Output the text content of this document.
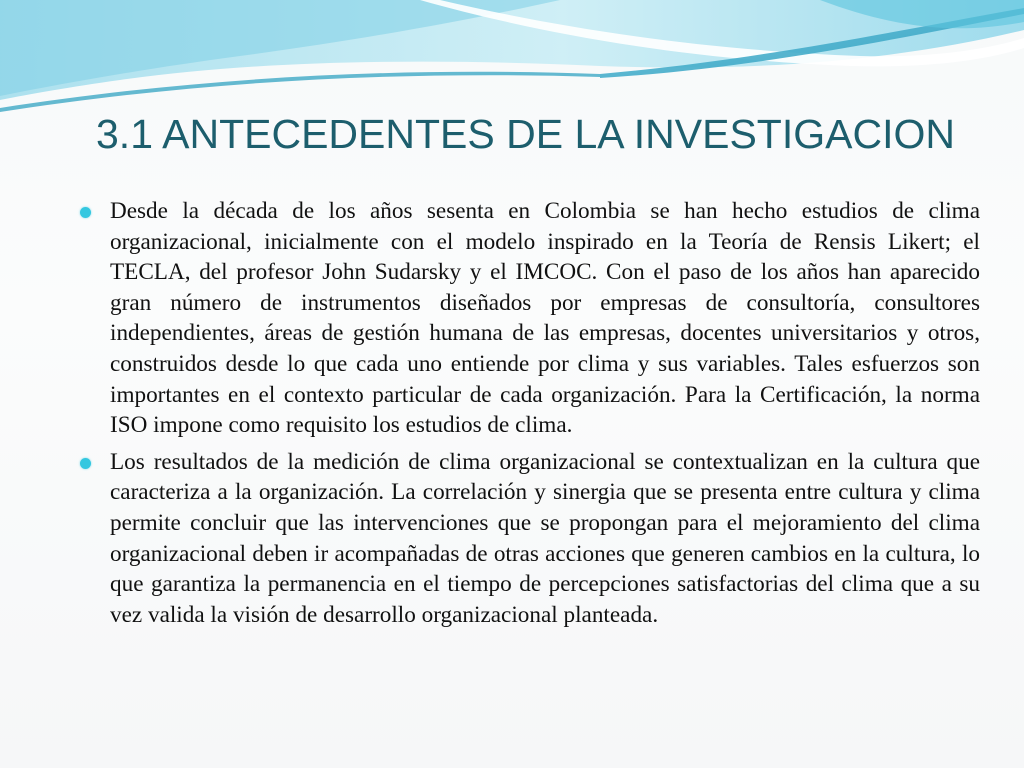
3.1 ANTECEDENTES DE LA INVESTIGACION
Desde la década de los años sesenta en Colombia se han hecho estudios de clima organizacional, inicialmente con el modelo inspirado en la Teoría de Rensis Likert; el TECLA, del profesor John Sudarsky y el IMCOC. Con el paso de los años han aparecido gran número de instrumentos diseñados por empresas de consultoría, consultores independientes, áreas de gestión humana de las empresas, docentes universitarios y otros, construidos desde lo que cada uno entiende por clima y sus variables. Tales esfuerzos son importantes en el contexto particular de cada organización. Para la Certificación, la norma ISO impone como requisito los estudios de clima.
Los resultados de la medición de clima organizacional se contextualizan en la cultura que caracteriza a la organización. La correlación y sinergia que se presenta entre cultura y clima permite concluir que las intervenciones que se propongan para el mejoramiento del clima organizacional deben ir acompañadas de otras acciones que generen cambios en la cultura, lo que garantiza la permanencia en el tiempo de percepciones satisfactorias del clima que a su vez valida la visión de desarrollo organizacional planteada.
